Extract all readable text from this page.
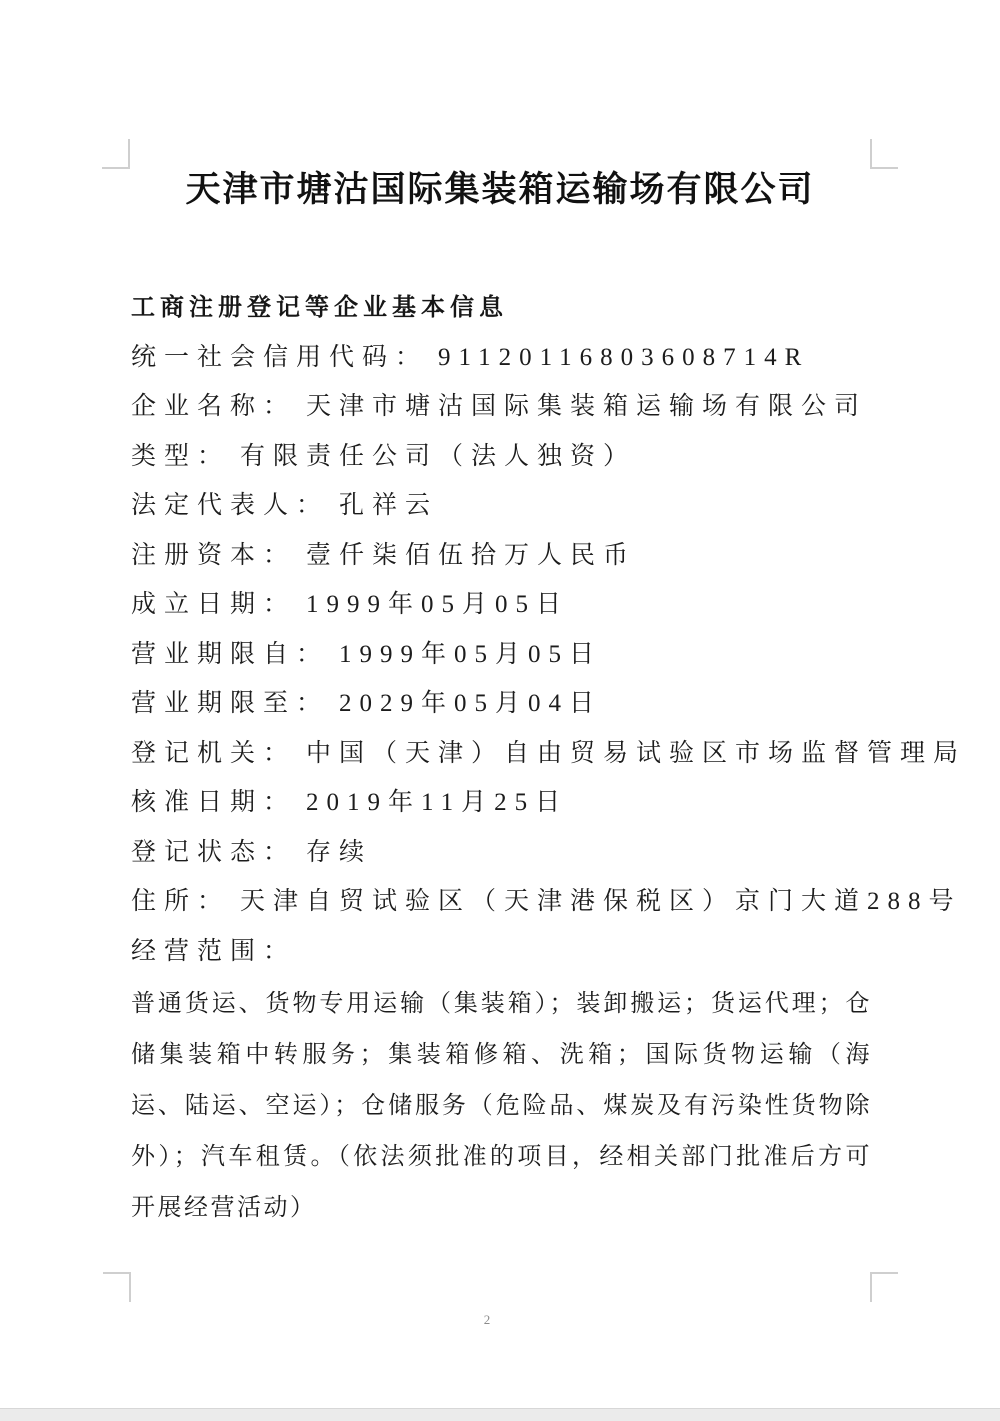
天津市塘沽国际集装箱运输场有限公司
工商注册登记等企业基本信息
统一社会信用代码： 91120116803608714R
企业名称： 天津市塘沽国际集装箱运输场有限公司
类型： 有限责任公司（法人独资）
法定代表人： 孔祥云
注册资本： 壹仟柒佰伍拾万人民币
成立日期： 1999年05月05日
营业期限自： 1999年05月05日
营业期限至： 2029年05月04日
登记机关： 中国（天津）自由贸易试验区市场监督管理局
核准日期： 2019年11月25日
登记状态： 存续
住所： 天津自贸试验区（天津港保税区）京门大道288号
经营范围：
普通货运、货物专用运输（集装箱）；装卸搬运；货运代理；仓储集装箱中转服务；集装箱修箱、洗箱；国际货物运输（海运、陆运、空运）；仓储服务（危险品、煤炭及有污染性货物除外）；汽车租赁。（依法须批准的项目，经相关部门批准后方可开展经营活动）
2
